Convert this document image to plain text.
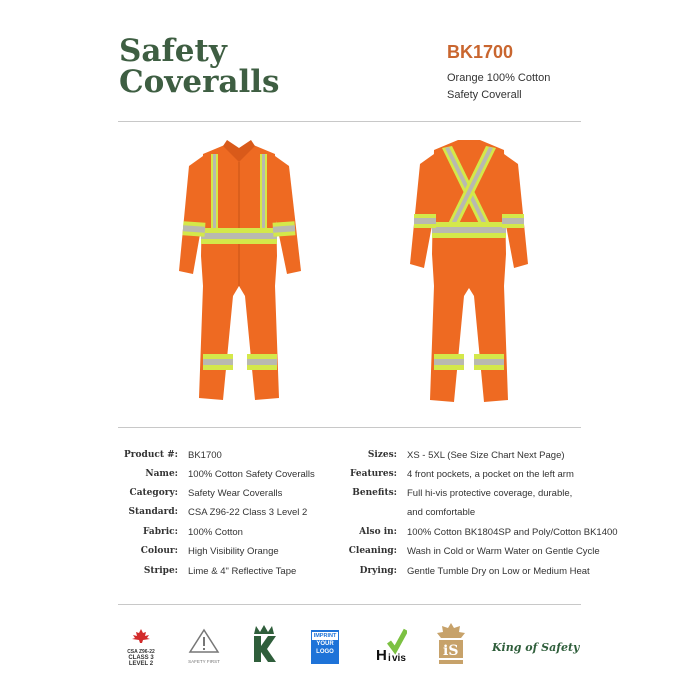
Safety
Coveralls
BK1700
Orange 100% Cotton
Safety Coverall
Product #: BK1700
Name: 100% Cotton Safety Coveralls
Category: Safety Wear Coveralls
Standard: CSA Z96-22 Class 3 Level 2
Fabric: 100% Cotton
Colour: High Visibility Orange
Stripe: Lime & 4" Reflective Tape
Sizes: XS - 5XL (See Size Chart Next Page)
Features: 4 front pockets, a pocket on the left arm
Benefits: Full hi-vis protective coverage, durable,
and comfortable
Also in: 100% Cotton BK1804SP and Poly/Cotton BK1400
Cleaning: Wash in Cold or Warm Water on Gentle Cycle
Drying: Gentle Tumble Dry on Low or Medium Heat
CSA Z96-22
CLASS 3
LEVEL 2	SAFETY FIRST
IMPRINT
YOUR
LOGO	H i vis	iS	King of Safety
